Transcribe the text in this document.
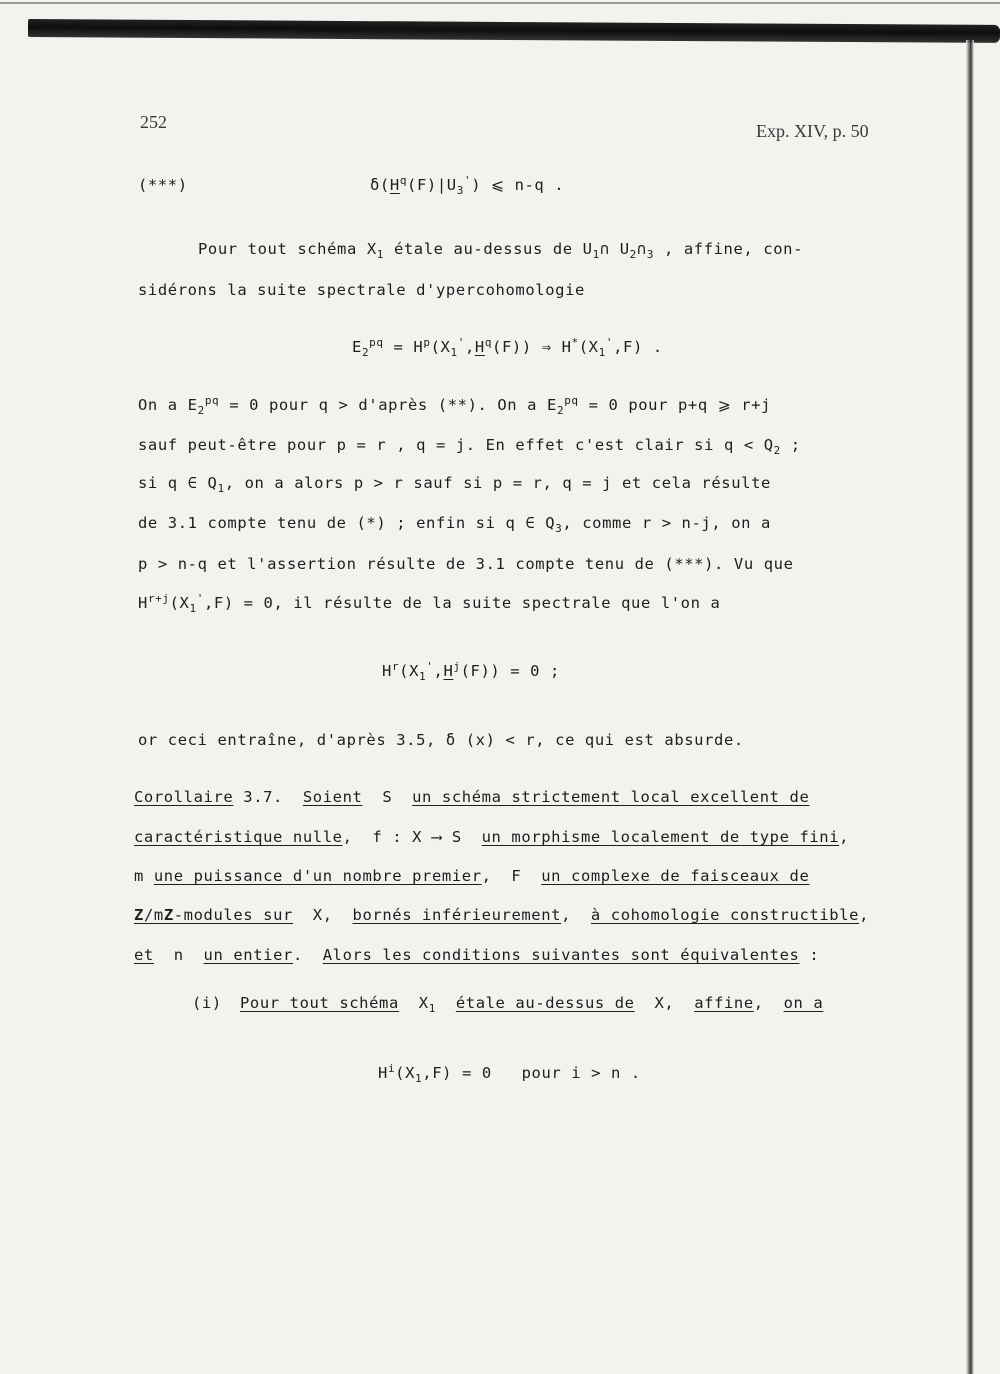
252	Exp. XIV, p. 50
(***)	$\delta(H^q(F)|U_3')$ ⩽ n-q .
Pour tout schéma $X_1$ étale au-dessus de $U_1\cap$ $U_2\cap_3$ , affine, con-
sidérons la suite spectrale d'ypercohomologie
$E_2^{pq} = H^p(X_1',H^q(F))$ ⇒ $H^*(X_1',F)$ .
On a $E_2^{pq} = 0$ pour q > d'après (**). On a $E_2^{pq} = 0$ pour p+q ⩾ r+j
sauf peut-être pour p = r , q = j. En effet c'est clair si $q < Q_2$ ;
si q ∈ $Q_1$, on a alors p > r sauf si p = r, q = j et cela résulte
de 3.1 compte tenu de (*) ; enfin si q ∈ $Q_3$, comme r > n-j, on a
p > n-q et l'assertion résulte de 3.1 compte tenu de (***). Vu que
$H^{r+j}(X_1',F) = 0$, il résulte de la suite spectrale que l'on a
$H^r(X_1',H^j(F)) = 0$ ;
or ceci entraîne, d'après 3.5, δ (x) < r, ce qui est absurde.
Corollaire 3.7.  Soient  S  un schéma strictement local excellent de
caractéristique nulle,  f : X ⟶ S  un morphisme localement de type fini,
m une puissance d'un nombre premier,  F  un complexe de faisceaux de
Z/mZ-modules sur  X,  bornés inférieurement,  à cohomologie constructible,
et  n  un entier.  Alors les conditions suivantes sont équivalentes :
(i) Pour tout schéma  $X_1$ étale au-dessus de  X,  affine,  on a
$H^i(X_1,F) = 0$   pour i > n .
